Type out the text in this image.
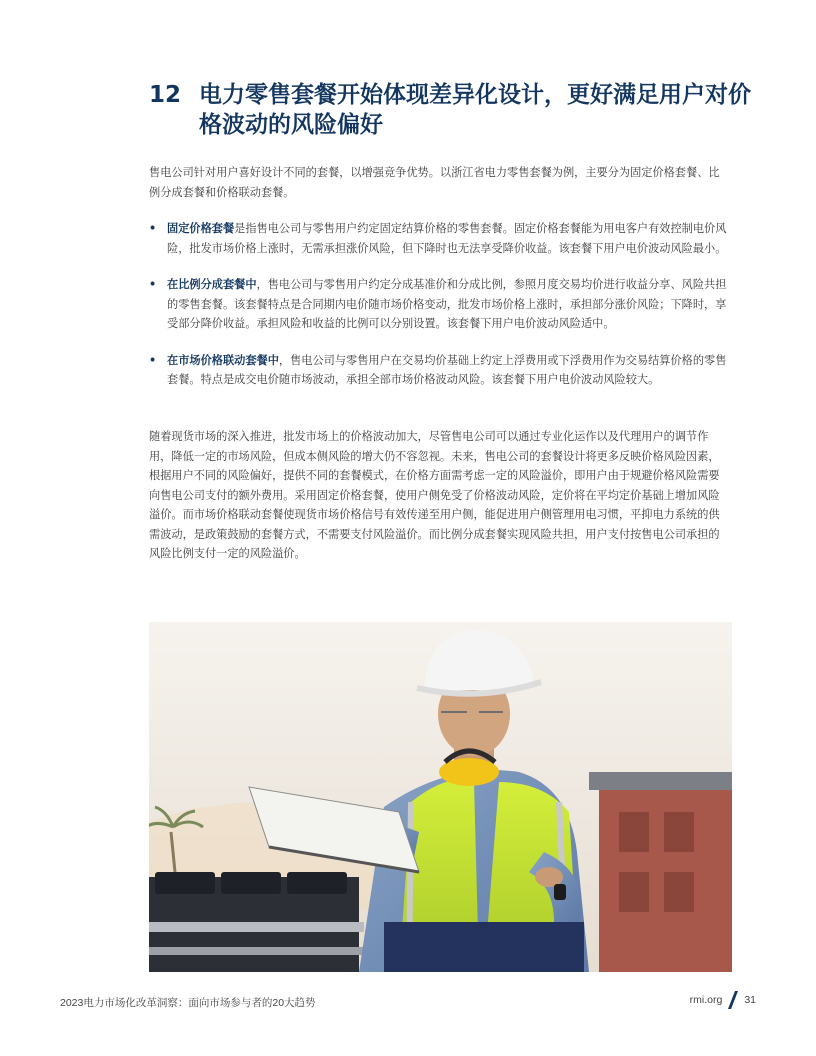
12 电力零售套餐开始体现差异化设计，更好满足用户对价格波动的风险偏好
售电公司针对用户喜好设计不同的套餐，以增强竞争优势。以浙江省电力零售套餐为例，主要分为固定价格套餐、比例分成套餐和价格联动套餐。
• 固定价格套餐是指售电公司与零售用户约定固定结算价格的零售套餐。固定价格套餐能为用电客户有效控制电价风险，批发市场价格上涨时，无需承担涨价风险，但下降时也无法享受降价收益。该套餐下用户电价波动风险最小。
• 在比例分成套餐中，售电公司与零售用户约定分成基准价和分成比例，参照月度交易均价进行收益分享、风险共担的零售套餐。该套餐特点是合同期内电价随市场价格变动，批发市场价格上涨时，承担部分涨价风险；下降时，享受部分降价收益。承担风险和收益的比例可以分别设置。该套餐下用户电价波动风险适中。
• 在市场价格联动套餐中，售电公司与零售用户在交易均价基础上约定上浮费用或下浮费用作为交易结算价格的零售套餐。特点是成交电价随市场波动，承担全部市场价格波动风险。该套餐下用户电价波动风险较大。
随着现货市场的深入推进，批发市场上的价格波动加大，尽管售电公司可以通过专业化运作以及代理用户的调节作用，降低一定的市场风险，但成本侧风险的增大仍不容忽视。未来，售电公司的套餐设计将更多反映价格风险因素，根据用户不同的风险偏好，提供不同的套餐模式，在价格方面需考虑一定的风险溢价，即用户由于规避价格风险需要向售电公司支付的额外费用。采用固定价格套餐，使用户侧免受了价格波动风险，定价将在平均定价基础上增加风险溢价。而市场价格联动套餐使现货市场价格信号有效传递至用户侧，能促进用户侧管理用电习惯，平抑电力系统的供需波动，是政策鼓励的套餐方式，不需要支付风险溢价。而比例分成套餐实现风险共担，用户支付按售电公司承担的风险比例支付一定的风险溢价。
2023电力市场化改革洞察：面向市场参与者的20大趋势	rmi.org 31
